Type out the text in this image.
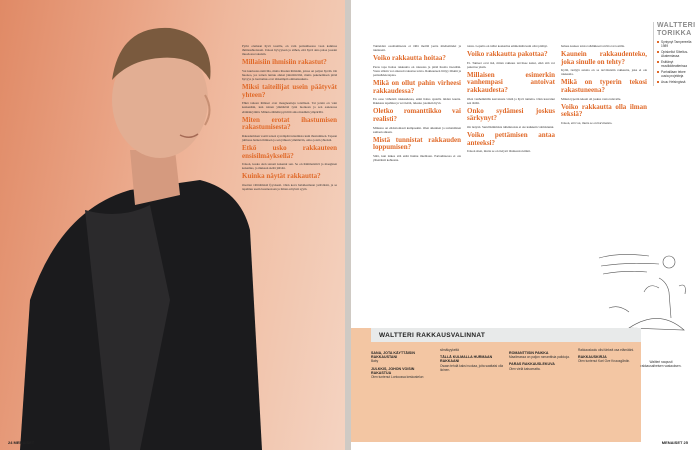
Pyrin olemaan hyvä tossille, en vain parisuhteessa vaan kaikissa ihmissuhteissani. Uskon hyvyyteen ja siihen, että hyvä aina palaa jossain muodossa takaisin.

Millaisiin ihmisiin rakastut?

Voi kuulostaa naiivilta, mutta ihastun ihmisiin, joissa on paljon hyvää. On huonoa, jos toinen tuntuu aluksi jännittävältä, mutta pakenemisen pitää hyvyys ja luottamus ovat tärkeimpiä ominaisuuksia.

Miksi taiteilijat usein päätyvät yhteen?

Ehkä taiteen ihmiset ovat maagneetteja toisilleen. Tai jotain on vain keskenään, kun toinen ymmärtää työn luonteen ja sen aaneiossa elämänrytmiä. Minun elämäni pyöriitti aina musiikin ympärillä.

Miten erotat ihastumisen rakastumisesta?

Rakastumisen vaatii toisen syvempää tuntemista kuin ihastumisen. Tapaan juhlassa hetken ihmisen ja sen jälkeen ymmärrän, onko jotain yhteistä.

Etkö usko rakkauteen ensisilmäyksellä?

Uskon, koska olen sanoni kokenut sen. Se on hämmentävä ja maaginen kokemus, ja mukaan sieltä jäävää.

Kuinka näytät rakkautta?

Osoitan välittämistä fyysisesti. Olen kova halaileemaan ystäväisiä, ja se tapahtuu usein luonnostaan ja ilman erityistä syytä.

24 MENAISET

Tunteiden osoittamisesta ei tällä meillä jaetta mieltemnäet ja tuunteeni.

Voiko rakkautta hoitaa?

Paras tapa hoitaa rakkautta on rakastaa ja pitää huolta itsestään. Vasta silloin voi oikeasti rakastaa toista. Rakkauteen liittyy tilkkiä ja parisuhdeterapiaa.

Mikä on ollut pahin virheesi rakkaudessa?

En osaa virheistä rakkaudessa, enkä halua ajatella niiden kautta. Rakkaus tapahtuu ja vei tietää, tuleeko jotenkin hyvä.

Oletko romanttikko vai realisti?

Minussa on ehdottomasti kumpaakin. Olen aikuinen ja romanttinen samaan aikaan.

Mistä tunnistat rakkauden loppumisen?

Siitä, kun näkee sitä enää hunnu mielitaan. Parisuhteessa ei ole yhtenäistä kohteena.

toista. Lopulta on tullut koskarina emmenään kuin olisi pitänyt.

Voiko rakkautta pakottaa?

Ei. Tunteet ovat ikä, miten rakkaus tarvitsee kaksi, eikä sitä voi pakottaa yksin.

Millaisen esimerkin vanhempasi antoivat rakkaudesta?

Olen vanhemmilla kasvatusta viisiä ja hyvä tunteita. Olen kasvanut sen täältä.

Onko sydämesi joskus särkynyt?

On tietysti. Surullisimmista tulkinnoista ei ole kaikkein valmistunut.

Voiko pettämisen antaa anteeksi?

Uskon siten, mutta se on tietysti tilanteesta kiinni.

haluaa koskea toista tahdikkaat tarvitta tai tosiilla.

Kaunein rakkaudenteko, joka sinulle on tehty?

Kyllä, tiettyjä asioita on se tarvittaisiin rakkautta, joka ei ole rakkautta.

Mikä on typerin tekosi rakastuneena?

Minun typerin tekoni oli joskus vasta tulevalle.

Voiko rakkautta olla ilman seksiä?

Uskon, että voi, mutta se on harvinaista.

WALTTERI TORIKKA
Syntynyt Tampereella 1989
Opiskellut Sibelius-Akatemiassa
Esittänyt musiikkiteatterissa
Parhaillaan tekee uusia projekteja
Asuu Helsingissä
WALTTERI RAKKAUSVALINNAT
SANA, JOTA KÄYTTÄISIN RAKKAUSTANI
Baby
JULKKIS, JOHON VOISIN RAKASTUA
Olen tuntenut Lontoossa keskustelun
silmäkyykeltä
TÄLLÄ KULMALLA HURMAAN RAKKAANI
Osaan tehdä kaksi ruokaa, joita saattaisi olla iloinen.
ROMANTTISIN PAIKKA
Maailmassa on paljon romanttisia paikkoja.
PARAS RAKKAUSLEKUVA
Olen vielä katsomatta.
Rakkauslaulu olisi tärkeä osa elämääni.
RAKKAUSKIRJA
Olen tuntenut Karl Ove Knausgårdin.	Waltteri raapusti rakkausaiheisen vastauksen.
MENAISET 25
